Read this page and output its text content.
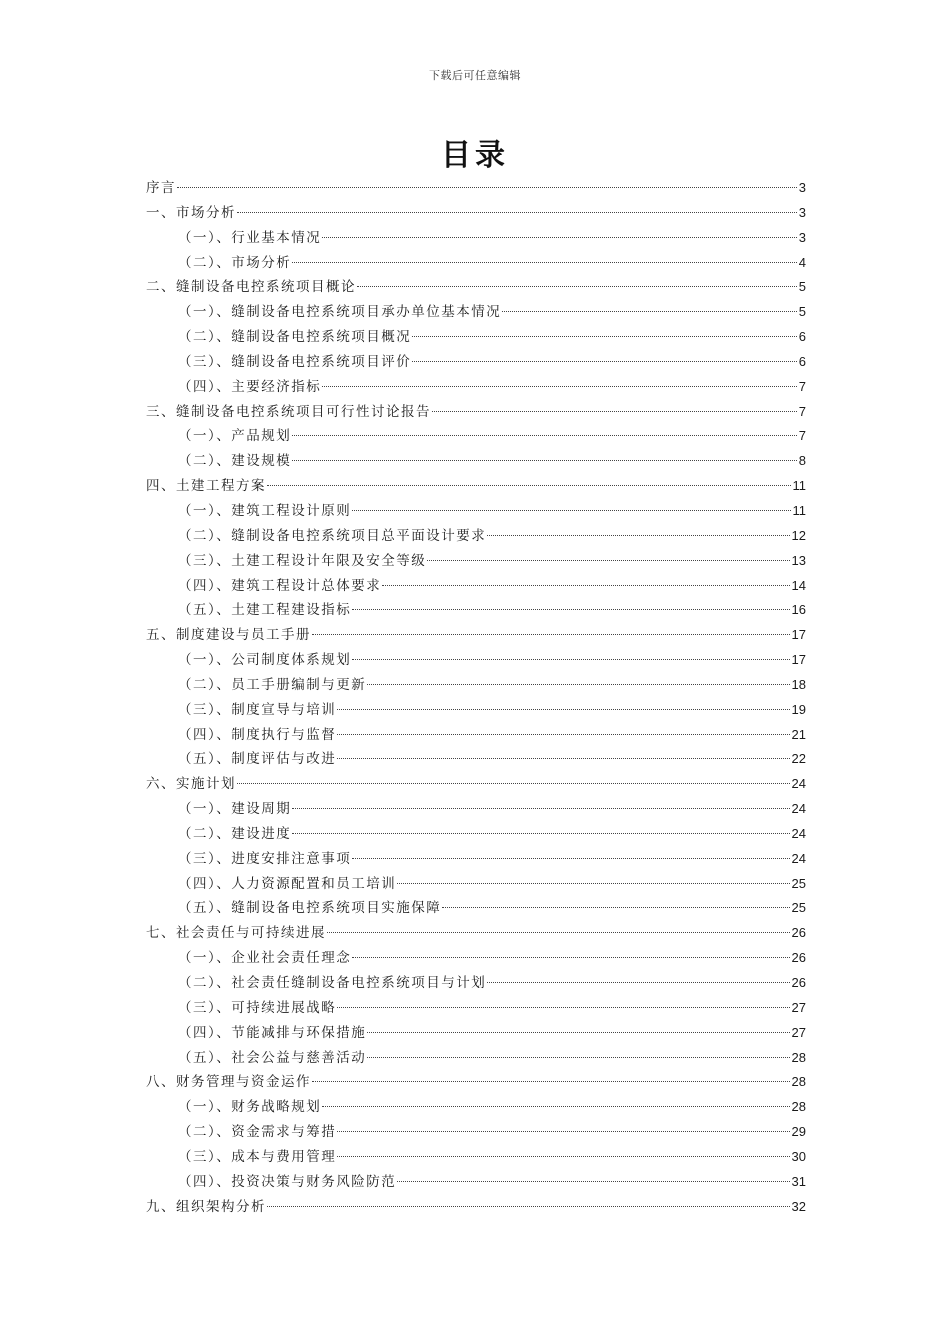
下载后可任意编辑
目录
序言	3
一、市场分析	3
（一）、行业基本情况	3
（二）、市场分析	4
二、缝制设备电控系统项目概论	5
（一）、缝制设备电控系统项目承办单位基本情况	5
（二）、缝制设备电控系统项目概况	6
（三）、缝制设备电控系统项目评价	6
（四）、主要经济指标	7
三、缝制设备电控系统项目可行性讨论报告	7
（一）、产品规划	7
（二）、建设规模	8
四、土建工程方案	11
（一）、建筑工程设计原则	11
（二）、缝制设备电控系统项目总平面设计要求	12
（三）、土建工程设计年限及安全等级	13
（四）、建筑工程设计总体要求	14
（五）、土建工程建设指标	16
五、制度建设与员工手册	17
（一）、公司制度体系规划	17
（二）、员工手册编制与更新	18
（三）、制度宣导与培训	19
（四）、制度执行与监督	21
（五）、制度评估与改进	22
六、实施计划	24
（一）、建设周期	24
（二）、建设进度	24
（三）、进度安排注意事项	24
（四）、人力资源配置和员工培训	25
（五）、缝制设备电控系统项目实施保障	25
七、社会责任与可持续进展	26
（一）、企业社会责任理念	26
（二）、社会责任缝制设备电控系统项目与计划	26
（三）、可持续进展战略	27
（四）、节能减排与环保措施	27
（五）、社会公益与慈善活动	28
八、财务管理与资金运作	28
（一）、财务战略规划	28
（二）、资金需求与筹措	29
（三）、成本与费用管理	30
（四）、投资决策与财务风险防范	31
九、组织架构分析	32
